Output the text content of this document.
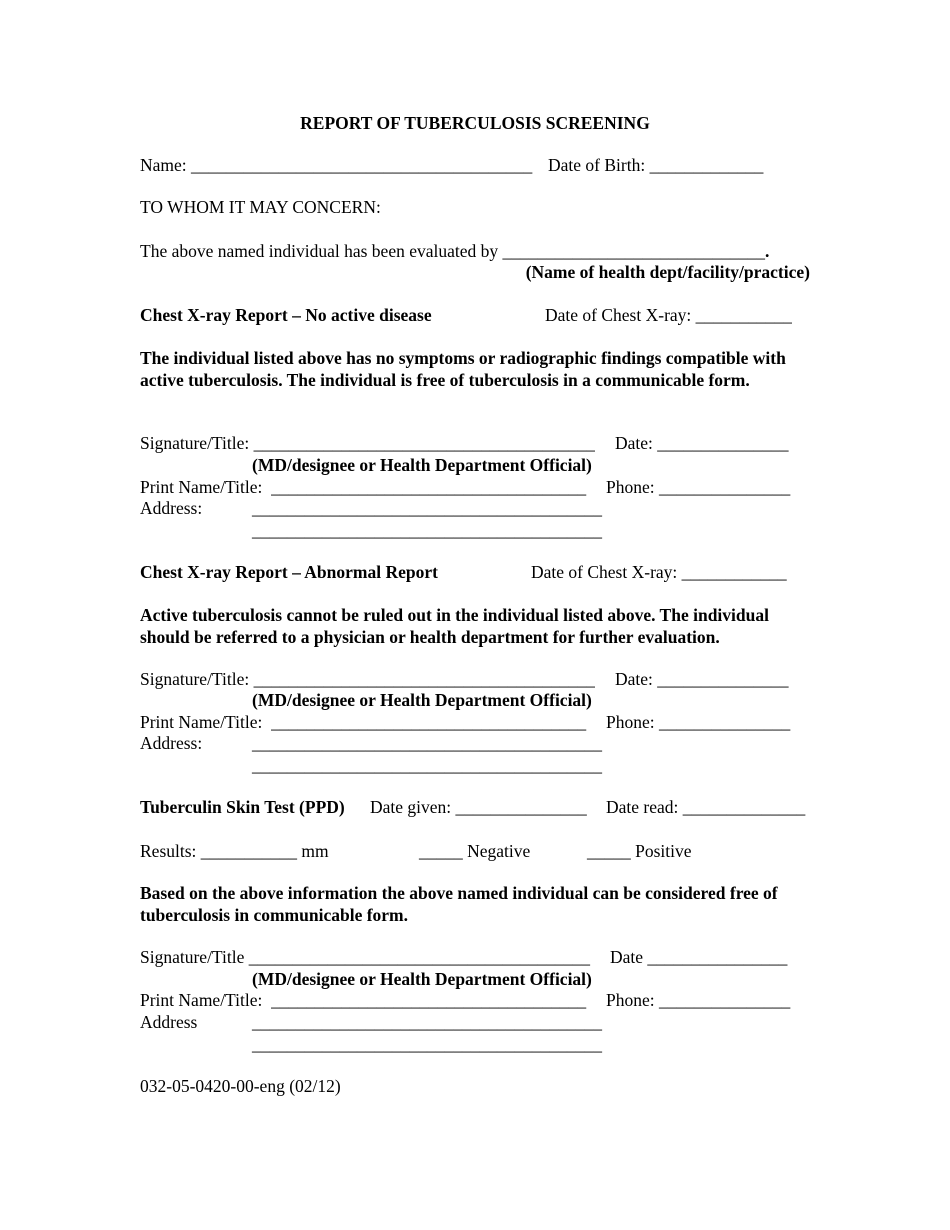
REPORT OF TUBERCULOSIS SCREENING
Name: _______________________________________ Date of Birth: _____________
TO WHOM IT MAY CONCERN:
The above named individual has been evaluated by ______________________________.
(Name of health dept/facility/practice)
Chest X-ray Report – No active disease	Date of Chest X-ray: ___________
The individual listed above has no symptoms or radiographic findings compatible with active tuberculosis. The individual is free of tuberculosis in a communicable form.
Signature/Title: _______________________________________ Date: _______________
(MD/designee or Health Department Official)
Print Name/Title:  ____________________________________ Phone: _______________
Address:	________________________________________
________________________________________
Chest X-ray Report – Abnormal Report	Date of Chest X-ray: ____________
Active tuberculosis cannot be ruled out in the individual listed above. The individual should be referred to a physician or health department for further evaluation.
Signature/Title: _______________________________________ Date: _______________
(MD/designee or Health Department Official)
Print Name/Title:  ____________________________________ Phone: _______________
Address:	________________________________________
________________________________________
Tuberculin Skin Test (PPD) Date given: _______________ Date read: ______________
Results: ___________ mm	_____ Negative	_____ Positive
Based on the above information the above named individual can be considered free of tuberculosis in communicable form.
Signature/Title _______________________________________ Date ________________
(MD/designee or Health Department Official)
Print Name/Title:  ____________________________________ Phone: _______________
Address	________________________________________
________________________________________
032-05-0420-00-eng (02/12)
